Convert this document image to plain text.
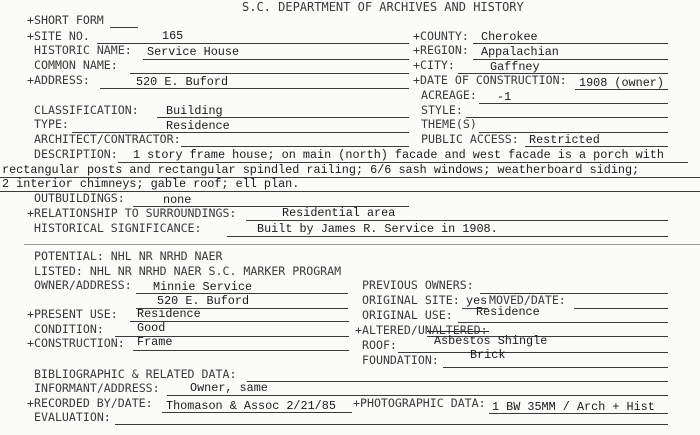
S.C. DEPARTMENT OF ARCHIVES AND HISTORY
+SHORT FORM
+SITE NO.	165
HISTORIC NAME: Service House
COMMON NAME:
+ADDRESS:	520 E. Buford
+COUNTY: Cherokee
+REGION: Appalachian
+CITY:	Gaffney
+DATE OF CONSTRUCTION: 1908 (owner)
ACREAGE: -1
CLASSIFICATION: Building
TYPE:	Residence
ARCHITECT/CONTRACTOR:
STYLE:
THEME(S)
PUBLIC ACCESS: Restricted
DESCRIPTION: 1 story frame house; on main (north) facade and west facade is a porch with
rectangular posts and rectangular spindled railing; 6/6 sash windows; weatherboard siding;
2 interior chimneys; gable roof; ell plan.
OUTBUILDINGS:	none
+RELATIONSHIP TO SURROUNDINGS:	Residential area
HISTORICAL SIGNIFICANCE:	Built by James R. Service in 1908.
POTENTIAL: NHL NR NRHD NAER
LISTED: NHL NR NRHD NAER S.C. MARKER PROGRAM
OWNER/ADDRESS: Minnie Service
520 E. Buford
PREVIOUS OWNERS:
ORIGINAL SITE: yes MOVED/DATE:
+PRESENT USE: Residence	ORIGINAL USE: Residence
CONDITION:	Good	+ALTERED/UNALTERED:
+CONSTRUCTION: Frame	ROOF:	Asbestos Shingle
FOUNDATION:	Brick
BIBLIOGRAPHIC & RELATED DATA:
INFORMANT/ADDRESS:	Owner, same
+RECORDED BY/DATE: Thomason & Assoc 2/21/85 +PHOTOGRAPHIC DATA: 1 BW 35MM / Arch + Hist
EVALUATION:
